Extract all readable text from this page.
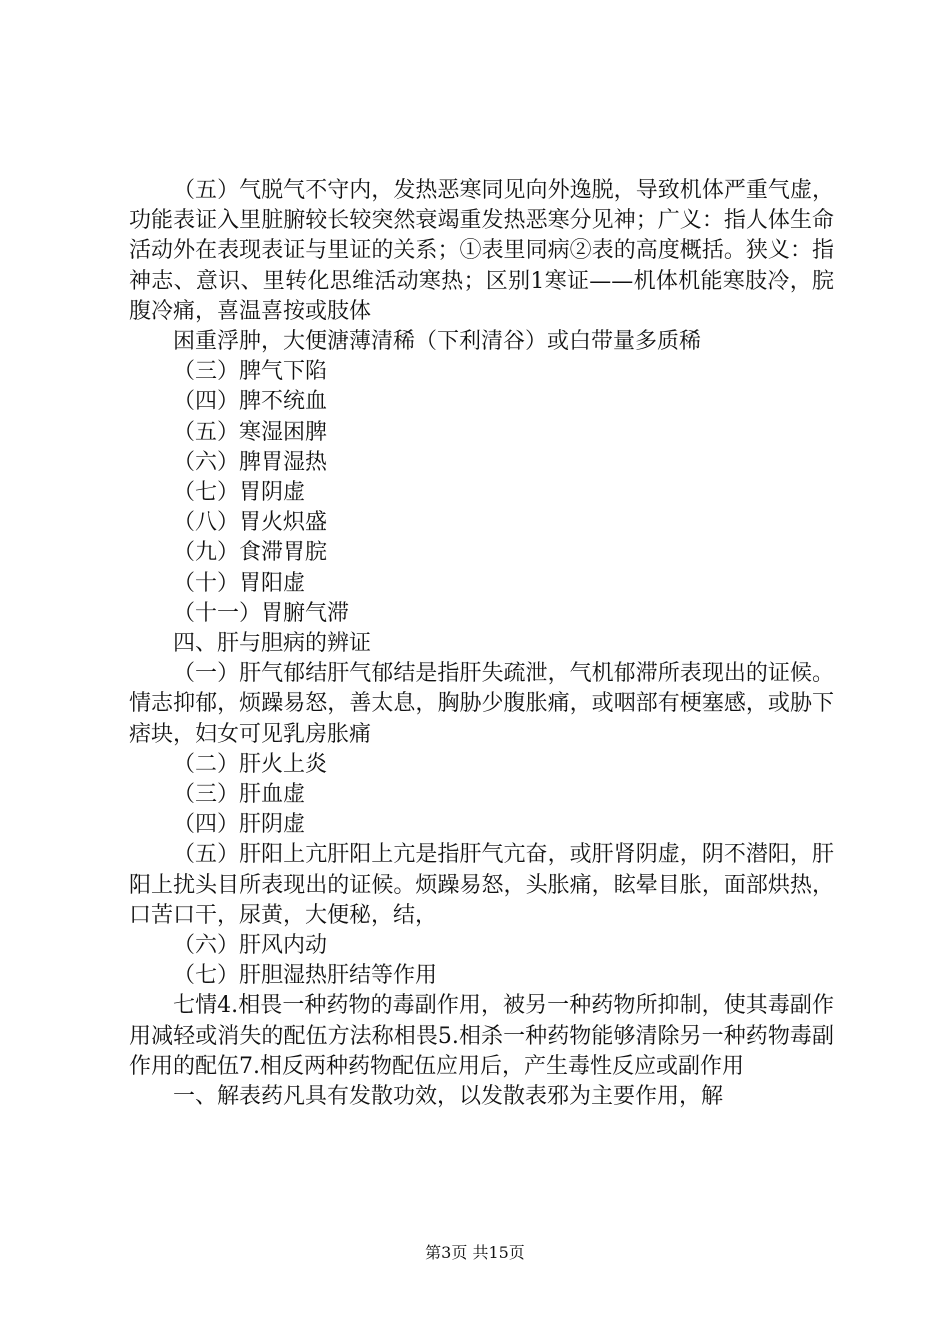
（五）气脱气不守内，发热恶寒同见向外逸脱，导致机体严重气虚，功能表证入里脏腑较长较突然衰竭重发热恶寒分见神；广义：指人体生命活动外在表现表证与里证的关系；①表里同病②表的高度概括。狭义：指神志、意识、里转化思维活动寒热；区别1寒证——机体机能寒肢冷，脘腹冷痛，喜温喜按或肢体

困重浮肿，大便溏薄清稀（下利清谷）或白带量多质稀

（三）脾气下陷

（四）脾不统血

（五）寒湿困脾

（六）脾胃湿热

（七）胃阴虚

（八）胃火炽盛

（九）食滞胃脘

（十）胃阳虚

（十一）胃腑气滞

四、肝与胆病的辨证

（一）肝气郁结肝气郁结是指肝失疏泄，气机郁滞所表现出的证候。情志抑郁，烦躁易怒，善太息，胸胁少腹胀痛，或咽部有梗塞感，或胁下痞块，妇女可见乳房胀痛

（二）肝火上炎

（三）肝血虚

（四）肝阴虚

（五）肝阳上亢肝阳上亢是指肝气亢奋，或肝肾阴虚，阴不潜阳，肝阳上扰头目所表现出的证候。烦躁易怒，头胀痛，眩晕目胀，面部烘热，口苦口干，尿黄，大便秘，结，

（六）肝风内动

（七）肝胆湿热肝结等作用

七情4.相畏一种药物的毒副作用，被另一种药物所抑制，使其毒副作用减轻或消失的配伍方法称相畏5.相杀一种药物能够清除另一种药物毒副作用的配伍7.相反两种药物配伍应用后，产生毒性反应或副作用

一、解表药凡具有发散功效，以发散表邪为主要作用，解

第3页 共15页
